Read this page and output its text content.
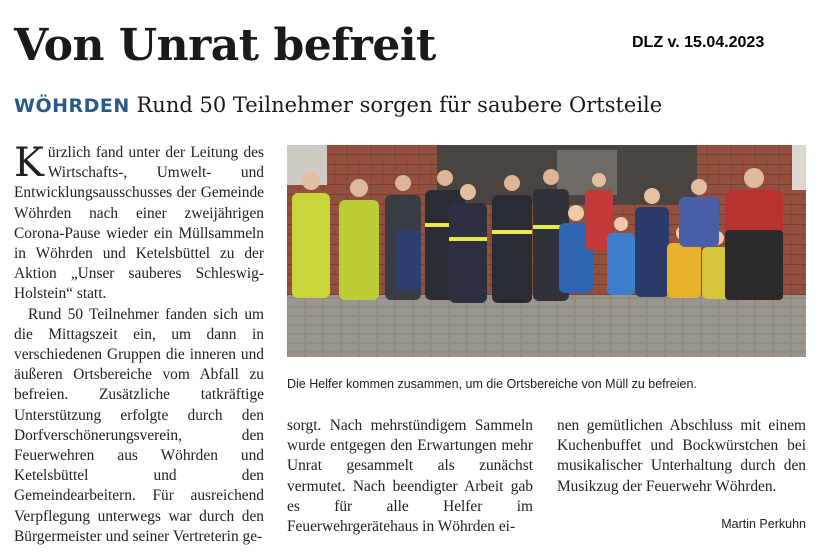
Von Unrat befreit	DLZ v. 15.04.2023
WÖHRDEN Rund 50 Teilnehmer sorgen für saubere Ortsteile

Kürzlich fand unter der Leitung des Wirtschafts-, Umwelt- und Entwicklungsausschusses der Gemeinde Wöhrden nach einer zweijährigen Corona-Pause wieder ein Müllsammeln in Wöhrden und Ketelsbüttel zu der Aktion „Unser sauberes Schleswig-Holstein“ statt.

Rund 50 Teilnehmer fanden sich um die Mittagszeit ein, um dann in verschiedenen Gruppen die inneren und äußeren Ortsbereiche vom Abfall zu befreien. Zusätzliche tatkräftige Unterstützung erfolgte durch den Dorfverschönerungsverein, den Feuerwehren aus Wöhrden und Ketelsbüttel und den Gemeindearbeitern. Für ausreichend Verpflegung unterwegs war durch den Bürgermeister und seiner Vertreterin ge-

Die Helfer kommen zusammen, um die Ortsbereiche von Müll zu befreien.

sorgt. Nach mehrstündigem Sammeln wurde entgegen den Erwartungen mehr Unrat gesammelt als zunächst vermutet. Nach beendigter Arbeit gab es für alle Helfer im Feuerwehrgerätehaus in Wöhrden ei-

nen gemütlichen Abschluss mit einem Kuchenbuffet und Bockwürstchen bei musikalischer Unterhaltung durch den Musikzug der Feuerwehr Wöhrden.

Martin Perkuhn
